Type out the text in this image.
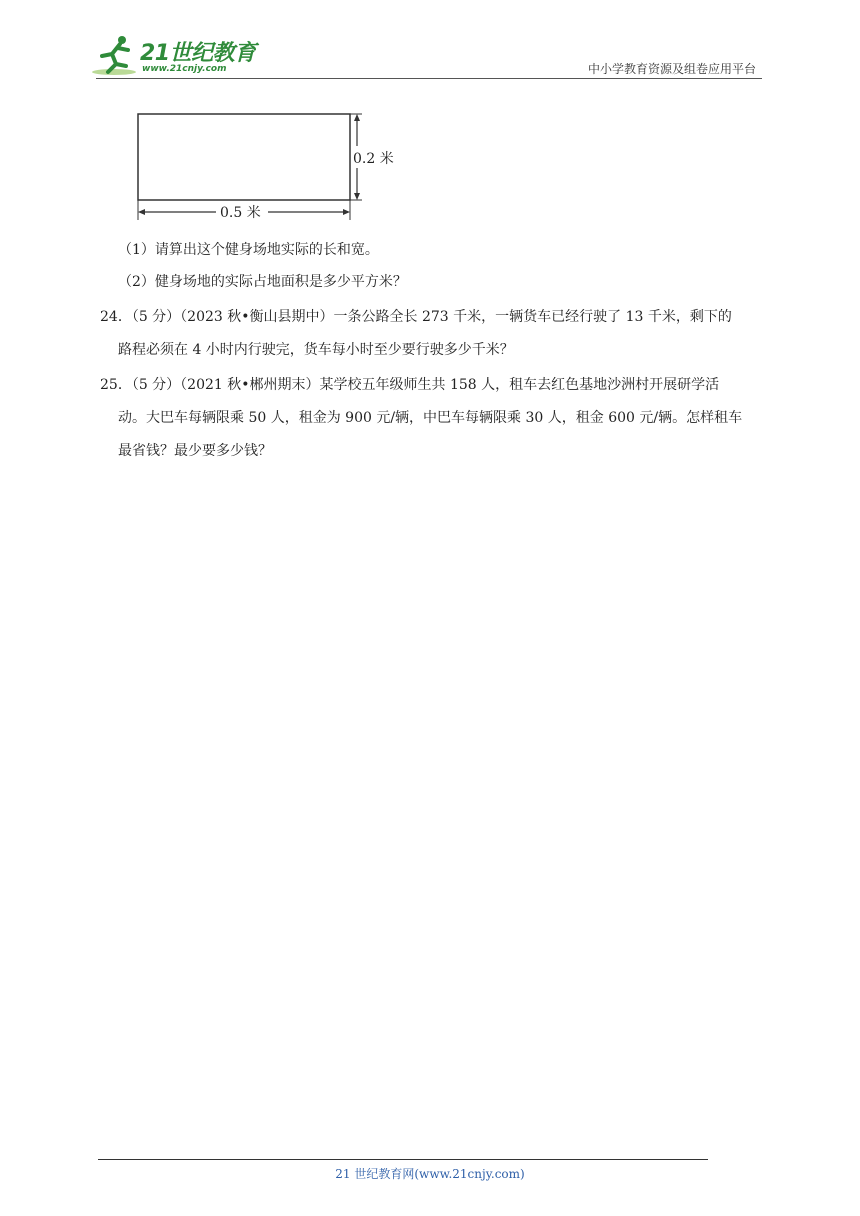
21世纪教育
www.21cnjy.com	中小学教育资源及组卷应用平台
0.2 米
0.5 米
（1）请算出这个健身场地实际的长和宽。
（2）健身场地的实际占地面积是多少平方米？
24．（5 分）（2023 秋•衡山县期中）一条公路全长 273 千米，一辆货车已经行驶了 13 千米，剩下的
路程必须在 4 小时内行驶完，货车每小时至少要行驶多少千米？
25．（5 分）（2021 秋•郴州期末）某学校五年级师生共 158 人，租车去红色基地沙洲村开展研学活
动。大巴车每辆限乘 50 人，租金为 900 元/辆，中巴车每辆限乘 30 人，租金 600 元/辆。怎样租车
最省钱？最少要多少钱？
21 世纪教育网(www.21cnjy.com)
